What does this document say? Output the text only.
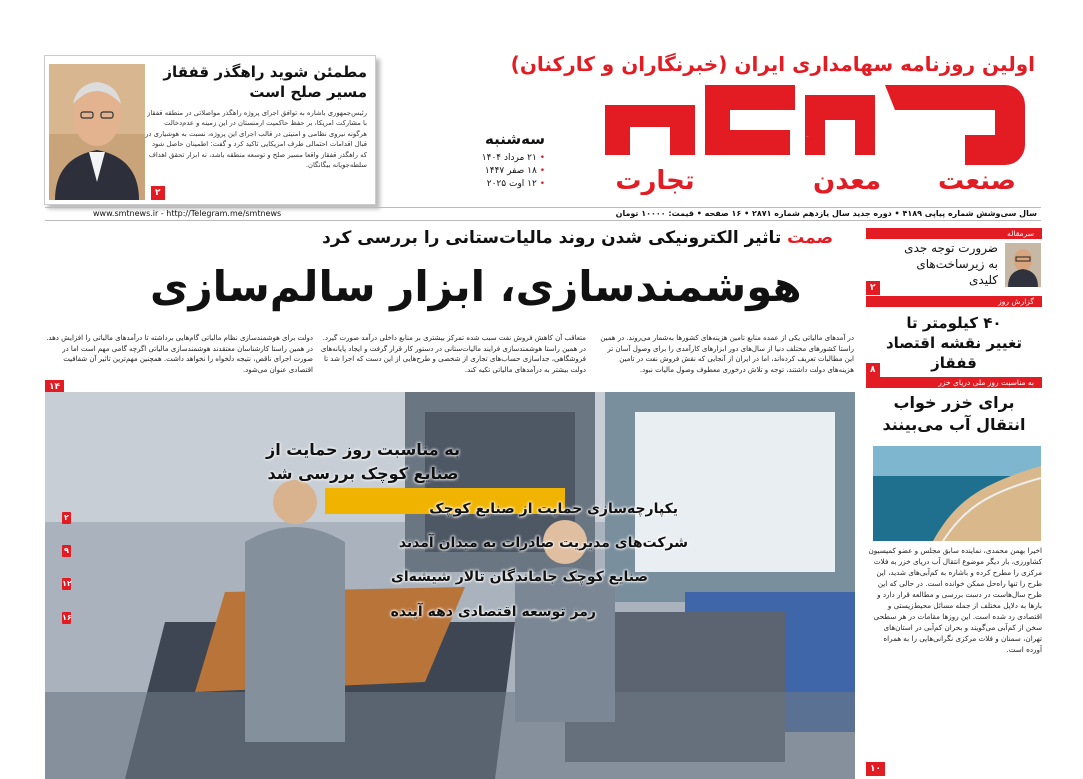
اولین روزنامه سهامداری ایران (خبرنگاران و کارکنان)
صنعت
معدن
تجارت
صمت
سه‌شنبه
• ۲۱ مرداد ۱۴۰۴
• ۱۸ صفر ۱۴۴۷
• ۱۲ اوت ۲۰۲۵
مطمئن شوید راهگذر قفقاز
مسیر صلح است
رئیس‌جمهوری باشاره به توافق اجرای پروژه راهگذر مواصلاتی در منطقه قفقاز با مشارکت امریکا، بر حفظ حاکمیت ارمنستان در این زمینه و عدم‌دخالت هرگونه نیروی نظامی و امنیتی در قالب اجرای این پروژه، نسبت به هوشیاری در قبال اقدامات احتمالی طرف امریکایی تاکید کرد و گفت: اطمینان حاصل شود که راهگذر قفقاز واقعا مسیر صلح و توسعه منطقه باشد، نه ابزار تحقق اهداف سلطه‌جویانه بیگانگان.
۲
سال سی‌وشش شماره پیاپی ۴۱۸۹ • دوره جدید سال یازدهم شماره ۲۸۷۱ • ۱۶ صفحه • قیمت: ۱۰۰۰۰ تومان
www.smtnews.ir - http://Telegram.me/smtnews
صمت تاثیر الکترونیکی شدن روند مالیات‌ستانی را بررسی کرد
هوشمندسازی، ابزار سالم‌سازی
در آمدهای مالیاتی یکی از عمده منابع تامین هزینه‌های کشورها به‌شمار می‌روند. در همین راستا کشورهای مختلف دنیا از سال‌های دور ابزارهای کارآمدی را برای وصول آسان تر این مطالبات تعریف کرده‌اند، اما در ایران از آنجایی که نقش فروش نفت در تامین هزینه‌های دولت داشتند، توجه و تلاش درخوری معطوف وصول مالیات نبود.
متعاقب آن کاهش فروش نفت سبب شده تمرکز بیشتری بر منابع داخلی درآمد صورت گیرد. در همین راستا هوشمندسازی فرایند مالیات‌ستانی در دستور کار قرار گرفت و ایجاد پایانه‌های فروشگاهی، جداسازی حساب‌های تجاری از شخصی و طرح‌هایی از این دست که اجرا شد تا دولت بیشتر به درآمدهای مالیاتی تکیه کند.
دولت برای هوشمندسازی نظام مالیاتی گام‌هایی برداشته تا درآمدهای مالیاتی را افزایش دهد. در همین راستا کارشناسان معتقدند هوشمندسازی مالیاتی اگرچه گامی مهم است اما در صورت اجرای ناقص، نتیجه دلخواه را نخواهد داشت. همچنین مهم‌ترین تاثیر آن شفافیت اقتصادی عنوان می‌شود.
۱۴
به مناسبت روز حمایت از صنایع کوچک بررسی شد
یکپارچه‌سازی حمایت از صنایع کوچک
۲
شرکت‌های مدیریت صادرات به میدان آمدند
۹
صنایع کوچک جاماندگان تالار شیشه‌ای
۱۲
رمز توسعه اقتصادی دهه آینده
۱۶
سرمقاله
ضرورت توجه جدی به زیرساخت‌های کلیدی
۲
گزارش روز
۴۰ کیلومتر تا
تغییر نقشه اقتصاد قفقاز
۸
به مناسبت روز ملی دریای خزر
برای خزر خواب
انتقال آب می‌بینند
اخیرا بهمن محمدی، نماینده سابق مجلس و عضو کمیسیون کشاورزی، بار دیگر موضوع انتقال آب دریای خزر به فلات مرکزی را مطرح کرده و باشاره به کم‌آبی‌های شدید، این طرح را تنها راه‌حل ممکن خوانده است. در حالی که این طرح سال‌هاست در دست بررسی و مطالعه قرار دارد و بارها به دلایل مختلف از جمله مسائل محیط‌زیستی و اقتصادی رد شده است. این روزها مقامات در هر سطحی سخن از کم‌آبی می‌گویند و بحران کم‌آبی در استان‌های تهران، سمنان و فلات مرکزی نگرانی‌هایی را به همراه آورده است.
۱۰
